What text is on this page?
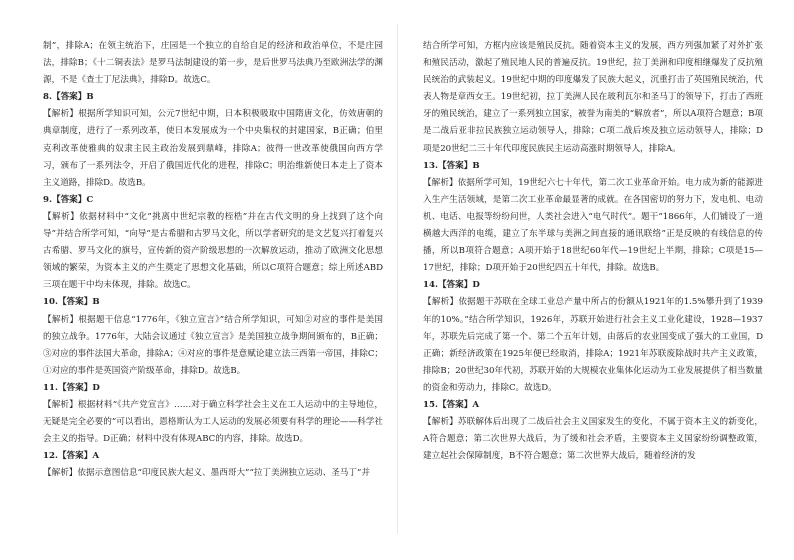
制”，排除A；在领主统治下，庄园是一个独立的自给自足的经济和政治单位，不是庄园法，排除B；《十二铜表法》是罗马法制建设的第一步，是后世罗马法典乃至欧洲法学的渊源，不是《查士丁尼法典》，排除D。故选C。
8.【答案】B
【解析】根据所学知识可知，公元7世纪中期，日本积极吸取中国隋唐文化，仿效唐朝的典章制度，进行了一系列改革，使日本发展成为一个中央集权的封建国家，B正确；伯里克利改革使雅典的奴隶主民主政治发展到鼎峰，排除A；彼得一世改革使俄国向西方学习，颁布了一系列法令，开启了俄国近代化的进程，排除C；明治维新使日本走上了资本主义道路，排除D。故选B。
9.【答案】C
【解析】依据材料中“文化”挑离中世纪宗教的桎梏”并在古代文明的身上找到了这个向导”并结合所学可知，“向导”是古希腊和古罗马文化，所以学者研究的是文艺复兴打着复兴古希腊、罗马文化的旗号，宣传新的资产阶级思想的一次解放运动，推动了欧洲文化思想领域的繁荣，为资本主义的产生奠定了思想文化基础，所以C项符合题意；综上所述ABD三项在题干中均未体现，排除。故选C。
10.【答案】B
【解析】根据题干信息“1776年，《独立宣言》”结合所学知识，可知②对应的事件是美国的独立战争。1776年，大陆会议通过《独立宣言》是美国独立战争期间颁布的，B正确；③对应的事件法国大革命，排除A；④对应的事件是意赋论建立法三西第一帝国，排除C；①对应的事件是英国资产阶级革命，排除D。故选B。
11.【答案】D
【解析】根据材料“《共产党宣言》……对于确立科学社会主义在工人运动中的主导地位，无疑是完全必要的”可以看出，恩格斯认为工人运动的发展必须要有科学的理论——科学社会主义的指导。D正确；材料中没有体现ABC的内容，排除。故选D。
12.【答案】A
【解析】依据示意图信息“印度民族大起义、墨西哥大”“拉丁美洲独立运动、圣马丁”并
结合所学可知，方框内应该是殖民反抗。随着资本主义的发展，西方列强加紧了对外扩张和殖民活动，激起了殖民地人民的普遍反抗。19世纪，拉丁美洲和印度相继爆发了反抗殖民统治的武装起义。19世纪中期的印度爆发了民族大起义，沉重打击了英国殖民统治，代表人物是章西女王。19世纪初，拉丁美洲人民在玻利瓦尔和圣马丁的领导下，打击了西班牙的殖民统治，建立了一系列独立国家，被誉为南美的“解放者”，所以A项符合题意；B项是二战后亚非拉民族独立运动领导人，排除；C项二战后埃及独立运动领导人，排除；D项是20世纪二三十年代印度民族民主运动高涨时期领导人，排除A。
13.【答案】B
【解析】依据所学可知，19世纪六七十年代，第二次工业革命开始。电力成为新的能源进入生产生活领域，是第二次工业革命最显著的成就。在各国密切的努力下，发电机、电动机、电话、电报等纷纷问世，人类社会进入“电气时代”。题干“1866年，人们铺设了一道横越大西洋的电缆，建立了东半球与美洲之间直接的通讯联络”正是反映的有线信息的传播，所以B项符合题意；A项开始于18世纪60年代—19世纪上半期，排除；C项是15—17世纪，排除；D项开始于20世纪四五十年代，排除。故选B。
14.【答案】D
【解析】依据题干苏联在全球工业总产量中所占的份额从1921年的1.5%攀升到了1939年的10%。”结合所学知识，1926年，苏联开始进行社会主义工业化建设，1928—1937年，苏联先后完成了第一个、第二个五年计划，由落后的农业国变成了强大的工业国，D正确；新经济政策在1925年便已经取消，排除A；1921年苏联废除战时共产主义政策，排除B；20世纪30年代初，苏联开始的大规模农业集体化运动为工业发展提供了相当数量的资金和劳动力，排除C。故选D。
15.【答案】A
【解析】苏联解体后出现了二战后社会主义国家发生的变化，不属于资本主义的新变化，A符合题意；第二次世界大战后，为了缓和社会矛盾，主要资本主义国家纷纷调整政策，建立起社会保障制度，B不符合题意；第二次世界大战后，随着经济的发
